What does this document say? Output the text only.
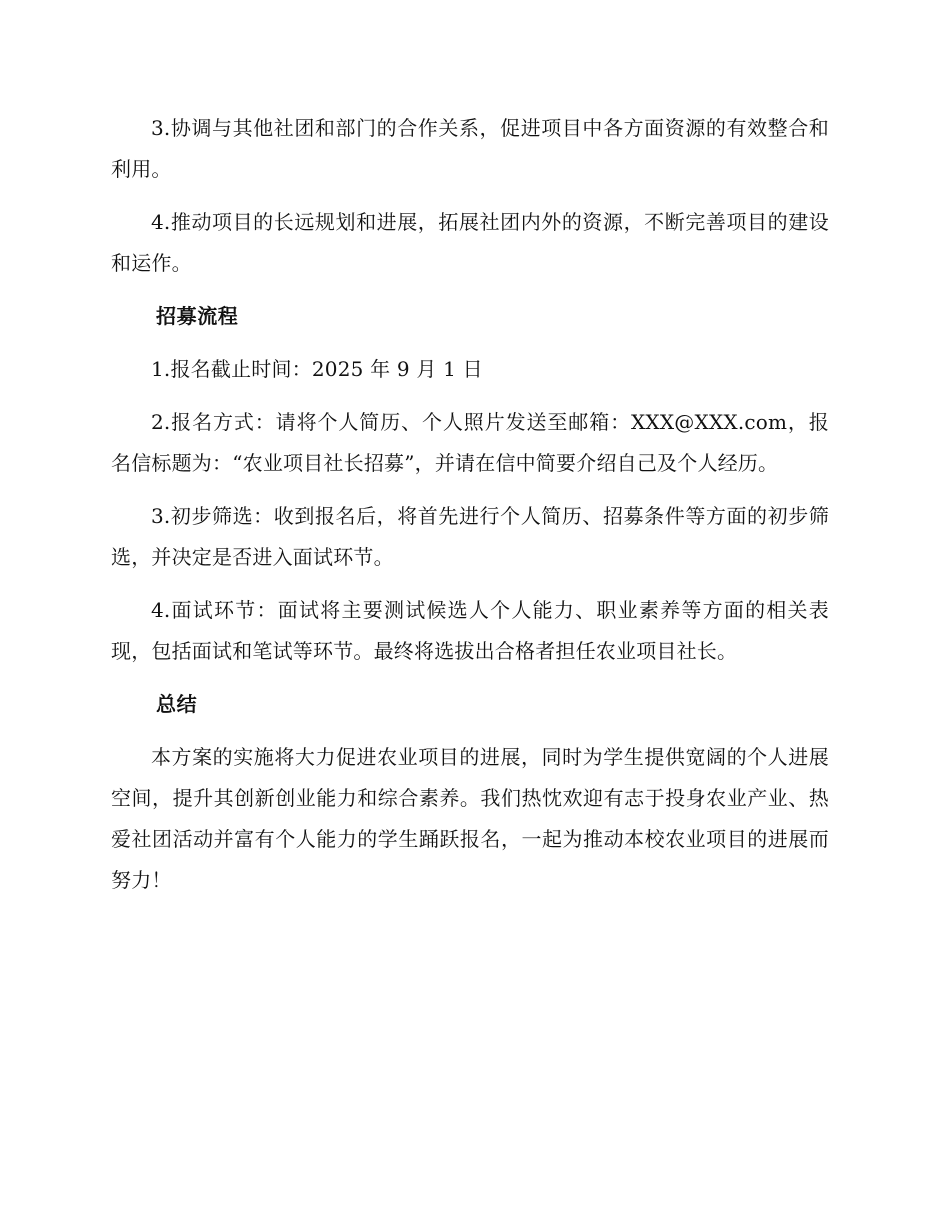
3.协调与其他社团和部门的合作关系，促进项目中各方面资源的有效整合和利用。

4.推动项目的长远规划和进展，拓展社团内外的资源，不断完善项目的建设和运作。

招募流程

1.报名截止时间：2025 年 9 月 1 日

2.报名方式：请将个人简历、个人照片发送至邮箱：XXX@XXX.com，报名信标题为：“农业项目社长招募”，并请在信中简要介绍自己及个人经历。

3.初步筛选：收到报名后，将首先进行个人简历、招募条件等方面的初步筛选，并决定是否进入面试环节。

4.面试环节：面试将主要测试候选人个人能力、职业素养等方面的相关表现，包括面试和笔试等环节。最终将选拔出合格者担任农业项目社长。

总结

本方案的实施将大力促进农业项目的进展，同时为学生提供宽阔的个人进展空间，提升其创新创业能力和综合素养。我们热忱欢迎有志于投身农业产业、热爱社团活动并富有个人能力的学生踊跃报名，一起为推动本校农业项目的进展而努力！
